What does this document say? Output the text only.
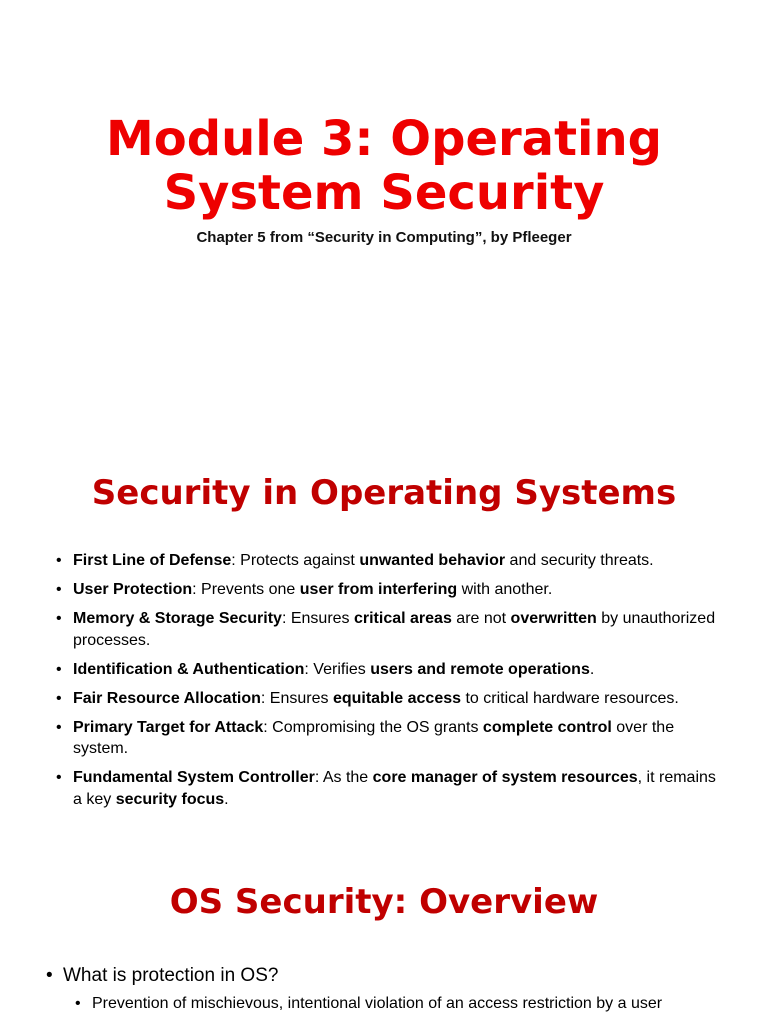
Module 3: Operating System Security
Chapter 5 from “Security in Computing”, by Pfleeger
Security in Operating Systems
• First Line of Defense: Protects against unwanted behavior and security threats.
• User Protection: Prevents one user from interfering with another.
• Memory & Storage Security: Ensures critical areas are not overwritten by unauthorized processes.
• Identification & Authentication: Verifies users and remote operations.
• Fair Resource Allocation: Ensures equitable access to critical hardware resources.
• Primary Target for Attack: Compromising the OS grants complete control over the system.
• Fundamental System Controller: As the core manager of system resources, it remains a key security focus.
OS Security: Overview
• What is protection in OS?
• Prevention of mischievous, intentional violation of an access restriction by a user
